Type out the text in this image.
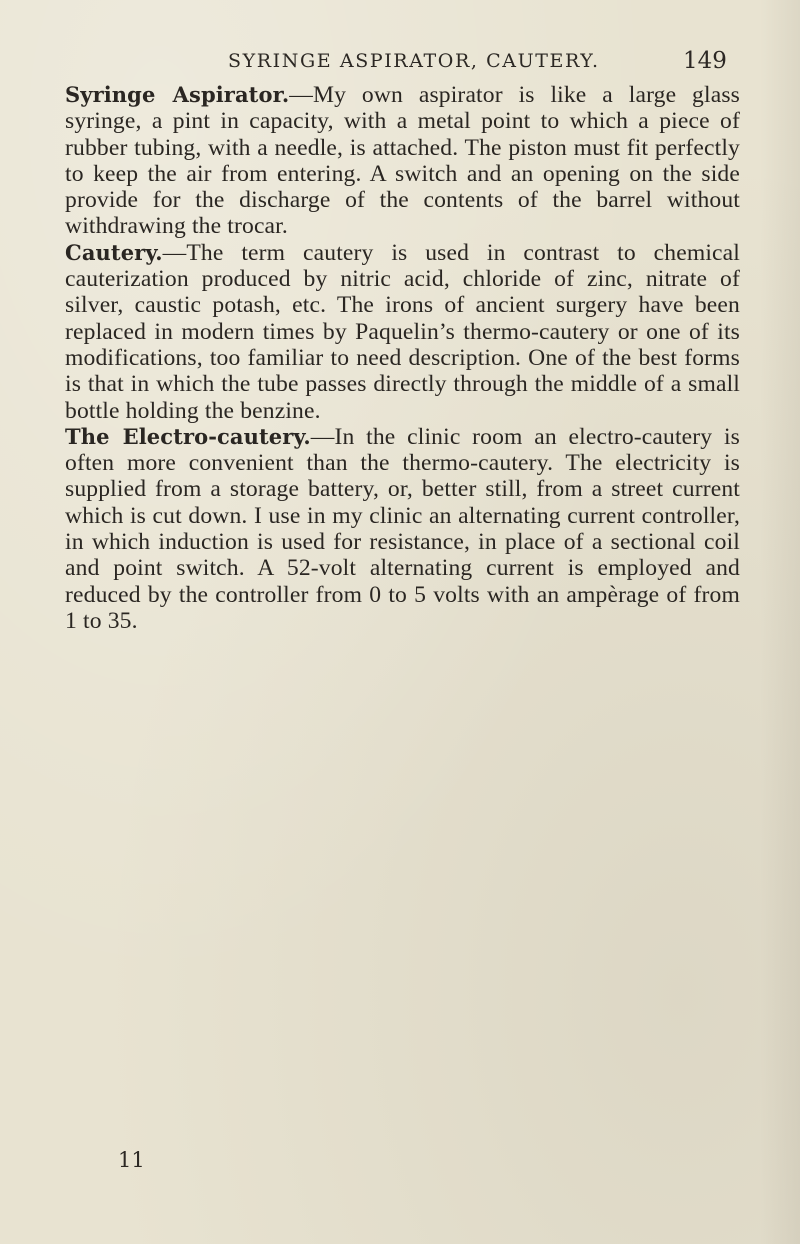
SYRINGE ASPIRATOR, CAUTERY.	149

Syringe Aspirator.—My own aspirator is like a large glass syringe, a pint in capacity, with a metal point to which a piece of rubber tubing, with a needle, is attached. The piston must fit perfectly to keep the air from entering. A switch and an opening on the side provide for the discharge of the contents of the barrel without withdrawing the trocar.

Cautery.—The term cautery is used in contrast to chemical cauterization produced by nitric acid, chloride of zinc, nitrate of silver, caustic potash, etc. The irons of ancient surgery have been replaced in modern times by Paquelin’s thermo-cautery or one of its modifications, too familiar to need description. One of the best forms is that in which the tube passes directly through the middle of a small bottle holding the benzine.

The Electro-cautery.—In the clinic room an electro-cautery is often more convenient than the thermo-cautery. The electricity is supplied from a storage battery, or, better still, from a street current which is cut down. I use in my clinic an alternating current controller, in which induction is used for resistance, in place of a sectional coil and point switch. A 52-volt alternating current is employed and reduced by the controller from 0 to 5 volts with an ampèrage of from 1 to 35.

11
